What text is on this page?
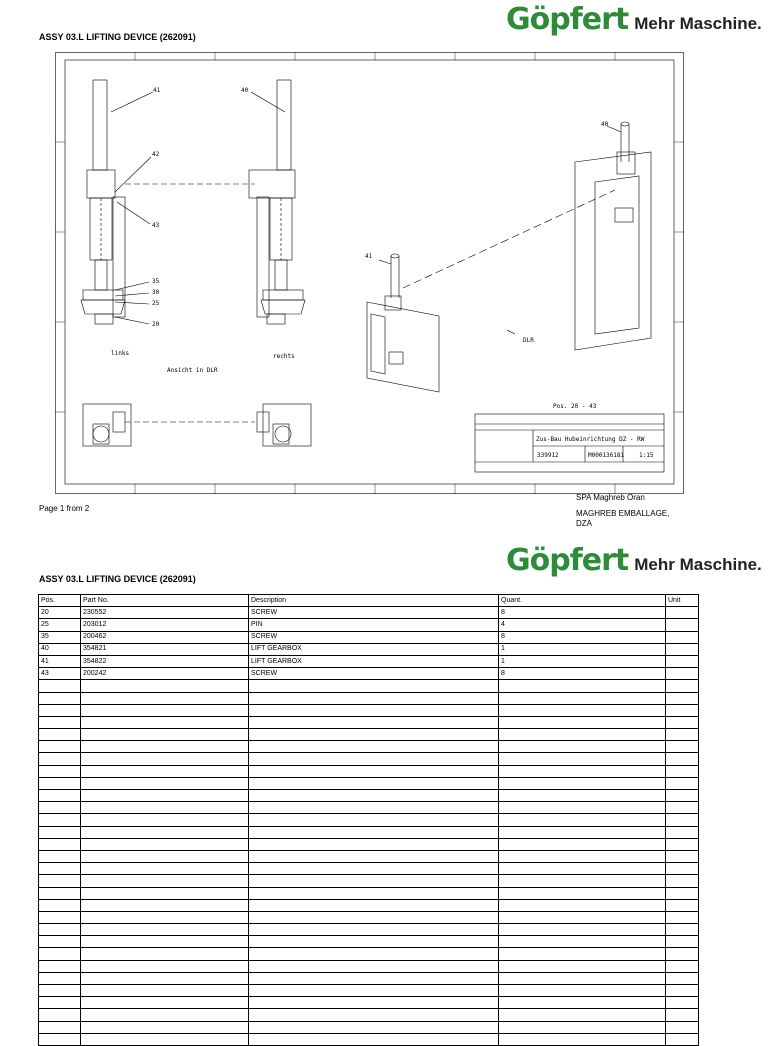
Göpfert Mehr Maschine.
ASSY 03.L LIFTING DEVICE (262091)
41	40
42
43
35
30
25
20
40
41
links	rechts
Ansicht in DLR
DLR
Pos. 20 - 43
Zus-Bau Hubeinrichtung DZ - RW
339912	M000136181 1:15
Page 1 from 2
SPA Maghreb Oran
MAGHREB EMBALLAGE,
DZA
Göpfert Mehr Maschine.
ASSY 03.L LIFTING DEVICE (262091)
Pos.	Part No.	Description	Quant.	Unit
20	230552	SCREW	8	
25	203012	PIN	4	
35	200462	SCREW	8	
40	354821	LIFT GEARBOX	1	
41	354822	LIFT GEARBOX	1	
43	200242	SCREW	8	
